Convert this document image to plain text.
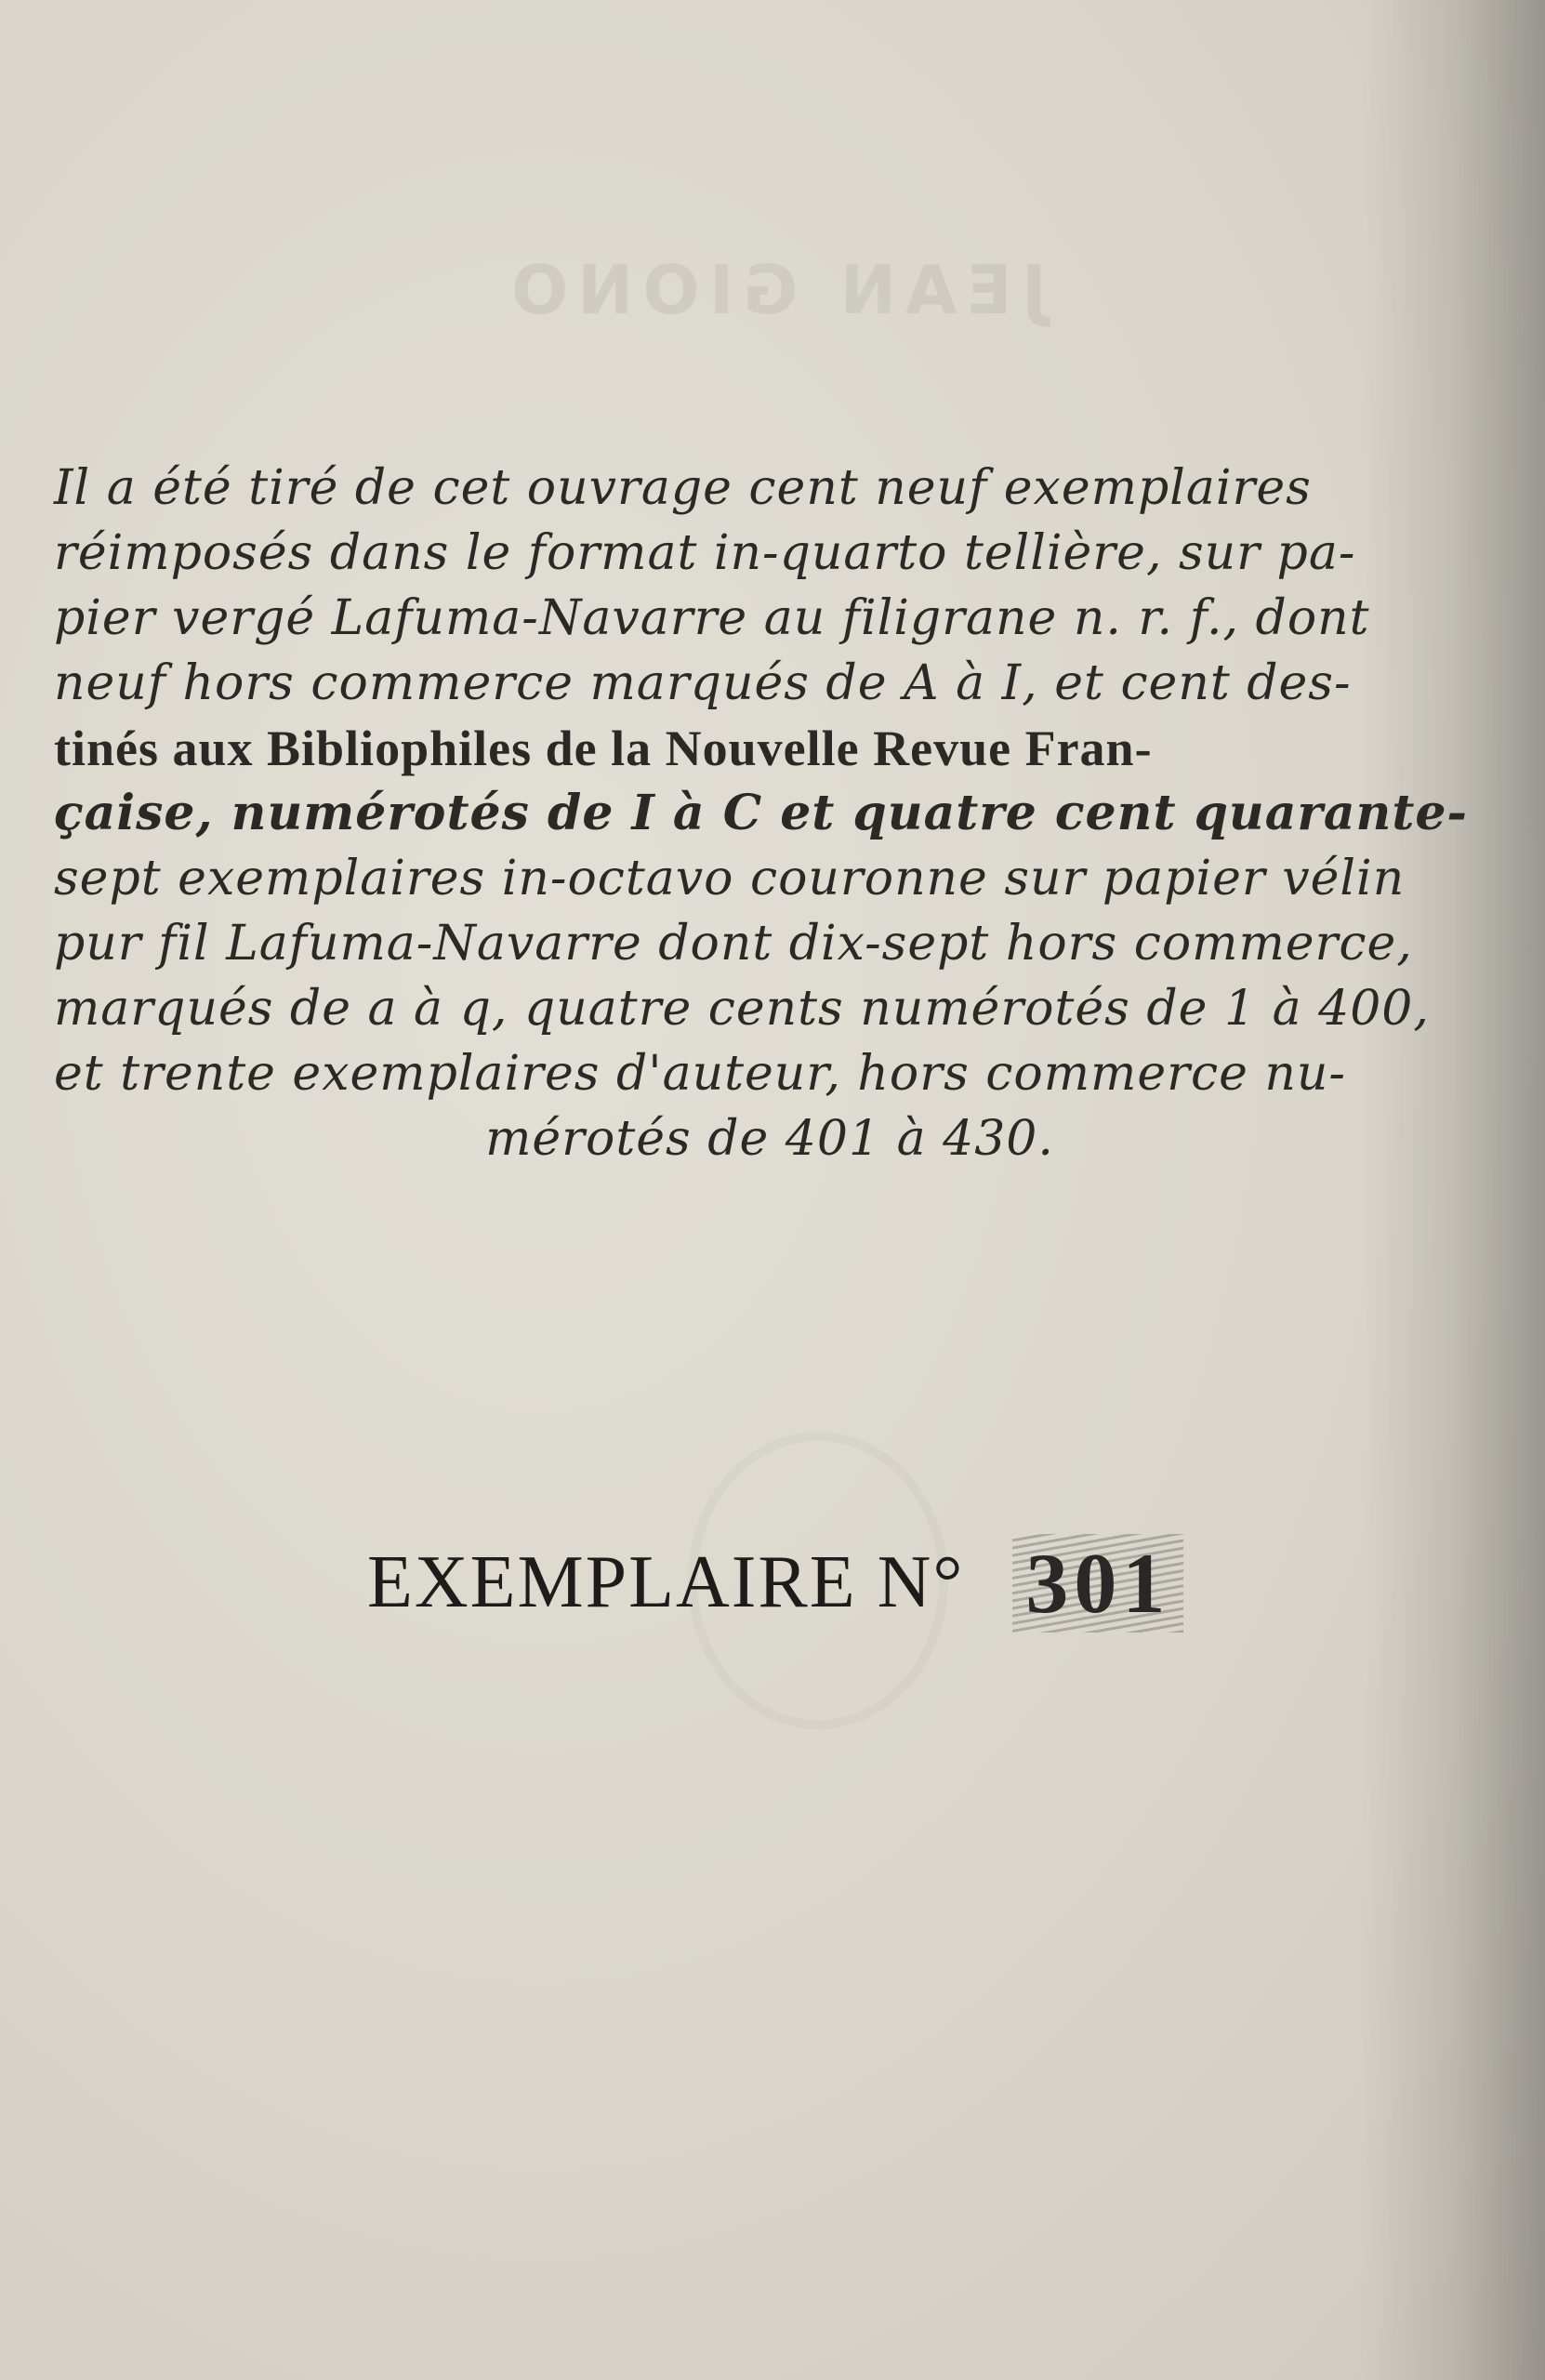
JEAN GIONO
Il a été tiré de cet ouvrage cent neuf exemplaires
réimposés dans le format in-quarto tellière, sur pa-
pier vergé Lafuma-Navarre au filigrane n. r. f., dont
neuf hors commerce marqués de A à I, et cent des-
tinés aux Bibliophiles de la Nouvelle Revue Fran-
çaise, numérotés de I à C et quatre cent quarante-
sept exemplaires in-octavo couronne sur papier vélin
pur fil Lafuma-Navarre dont dix-sept hors commerce,
marqués de a à q, quatre cents numérotés de 1 à 400,
et trente exemplaires d'auteur, hors commerce nu-
mérotés de 401 à 430.
EXEMPLAIRE N° 301
